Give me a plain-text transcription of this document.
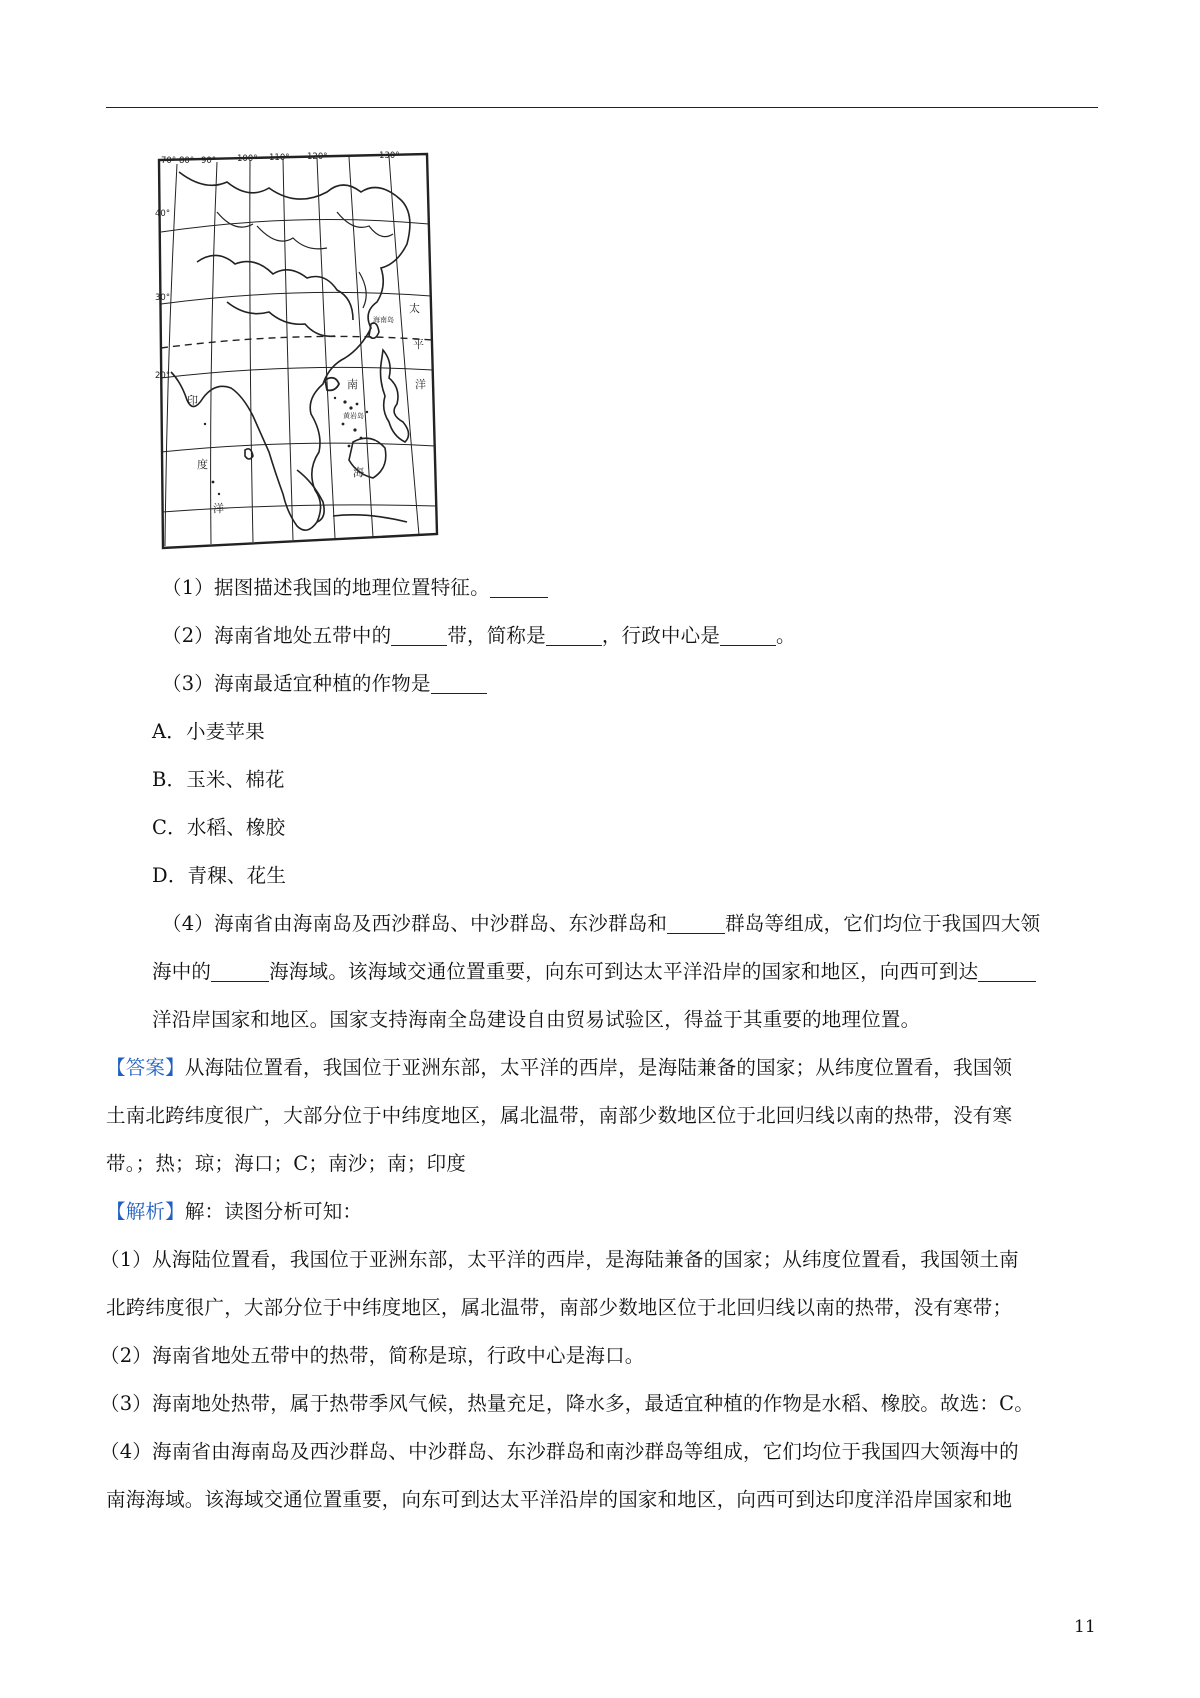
70° 80° 90° 100° 110° 120°	130°
40°
30°
20°
太
平
洋
南
海
印
度
洋
黄岩岛
海南岛
（1）据图描述我国的地理位置特征。
（2）海南省地处五带中的	带，简称是	，行政中心是	。
（3）海南最适宜种植的作物是
A．小麦苹果
B．玉米、棉花
C．水稻、橡胶
D．青稞、花生
（4）海南省由海南岛及西沙群岛、中沙群岛、东沙群岛和	群岛等组成，它们均位于我国四大领
海中的	海海域。该海域交通位置重要，向东可到达太平洋沿岸的国家和地区，向西可到达
洋沿岸国家和地区。国家支持海南全岛建设自由贸易试验区，得益于其重要的地理位置。
【答案】从海陆位置看，我国位于亚洲东部，太平洋的西岸，是海陆兼备的国家；从纬度位置看，我国领
土南北跨纬度很广，大部分位于中纬度地区，属北温带，南部少数地区位于北回归线以南的热带，没有寒
带。；热；琼；海口；C；南沙；南；印度
【解析】解：读图分析可知：
（1）从海陆位置看，我国位于亚洲东部，太平洋的西岸，是海陆兼备的国家；从纬度位置看，我国领土南
北跨纬度很广，大部分位于中纬度地区，属北温带，南部少数地区位于北回归线以南的热带，没有寒带；
（2）海南省地处五带中的热带，简称是琼，行政中心是海口。
（3）海南地处热带，属于热带季风气候，热量充足，降水多，最适宜种植的作物是水稻、橡胶。故选：C。
（4）海南省由海南岛及西沙群岛、中沙群岛、东沙群岛和南沙群岛等组成，它们均位于我国四大领海中的
南海海域。该海域交通位置重要，向东可到达太平洋沿岸的国家和地区，向西可到达印度洋沿岸国家和地
11
